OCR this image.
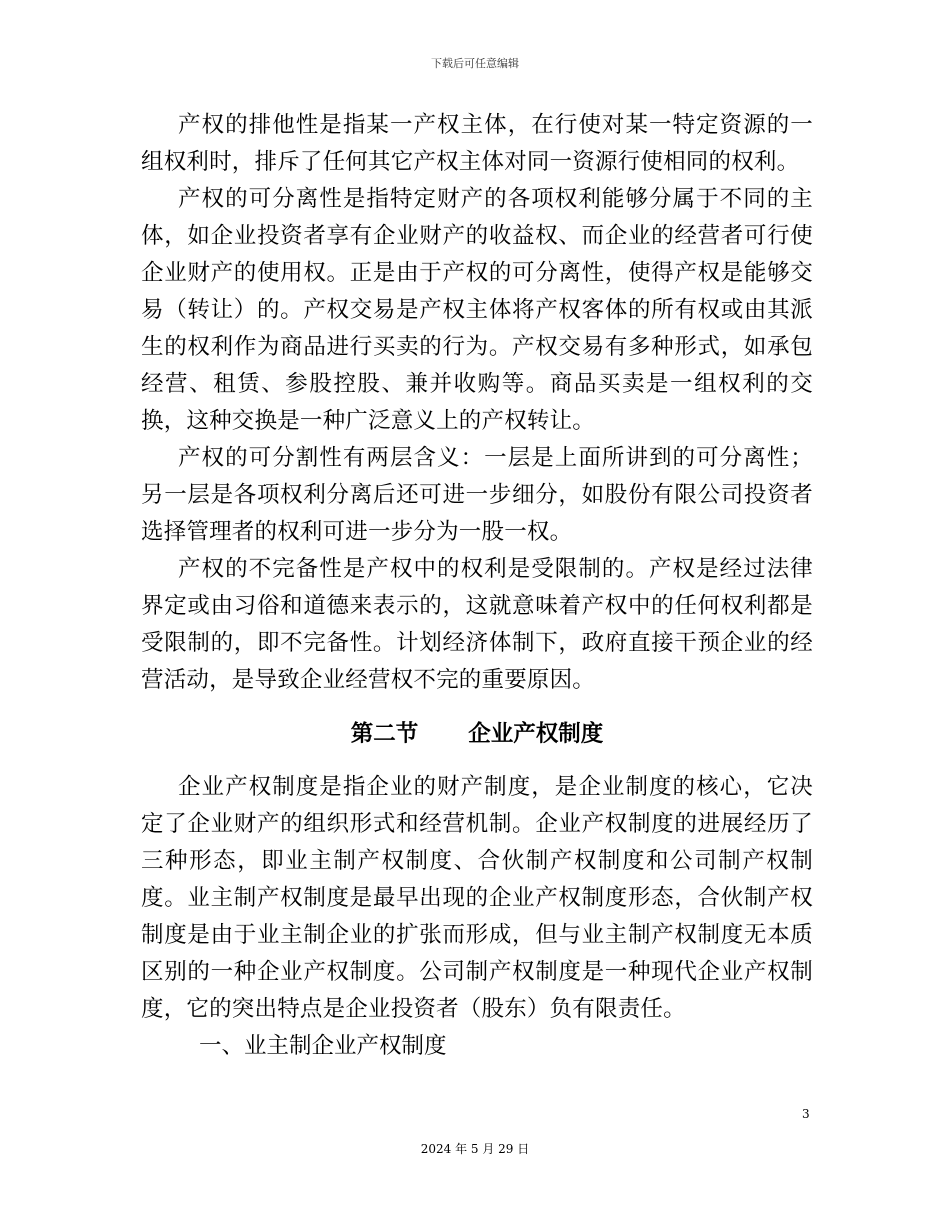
下载后可任意编辑

产权的排他性是指某一产权主体，在行使对某一特定资源的一组权利时，排斥了任何其它产权主体对同一资源行使相同的权利。

产权的可分离性是指特定财产的各项权利能够分属于不同的主体，如企业投资者享有企业财产的收益权、而企业的经营者可行使企业财产的使用权。正是由于产权的可分离性，使得产权是能够交易（转让）的。产权交易是产权主体将产权客体的所有权或由其派生的权利作为商品进行买卖的行为。产权交易有多种形式，如承包经营、租赁、参股控股、兼并收购等。商品买卖是一组权利的交换，这种交换是一种广泛意义上的产权转让。

产权的可分割性有两层含义：一层是上面所讲到的可分离性；另一层是各项权利分离后还可进一步细分，如股份有限公司投资者选择管理者的权利可进一步分为一股一权。

产权的不完备性是产权中的权利是受限制的。产权是经过法律界定或由习俗和道德来表示的，这就意味着产权中的任何权利都是受限制的，即不完备性。计划经济体制下，政府直接干预企业的经营活动，是导致企业经营权不完的重要原因。

第二节 企业产权制度

企业产权制度是指企业的财产制度，是企业制度的核心，它决定了企业财产的组织形式和经营机制。企业产权制度的进展经历了三种形态，即业主制产权制度、合伙制产权制度和公司制产权制度。业主制产权制度是最早出现的企业产权制度形态，合伙制产权制度是由于业主制企业的扩张而形成，但与业主制产权制度无本质区别的一种企业产权制度。公司制产权制度是一种现代企业产权制度，它的突出特点是企业投资者（股东）负有限责任。

一、业主制企业产权制度

3
2024 年 5 月 29 日
